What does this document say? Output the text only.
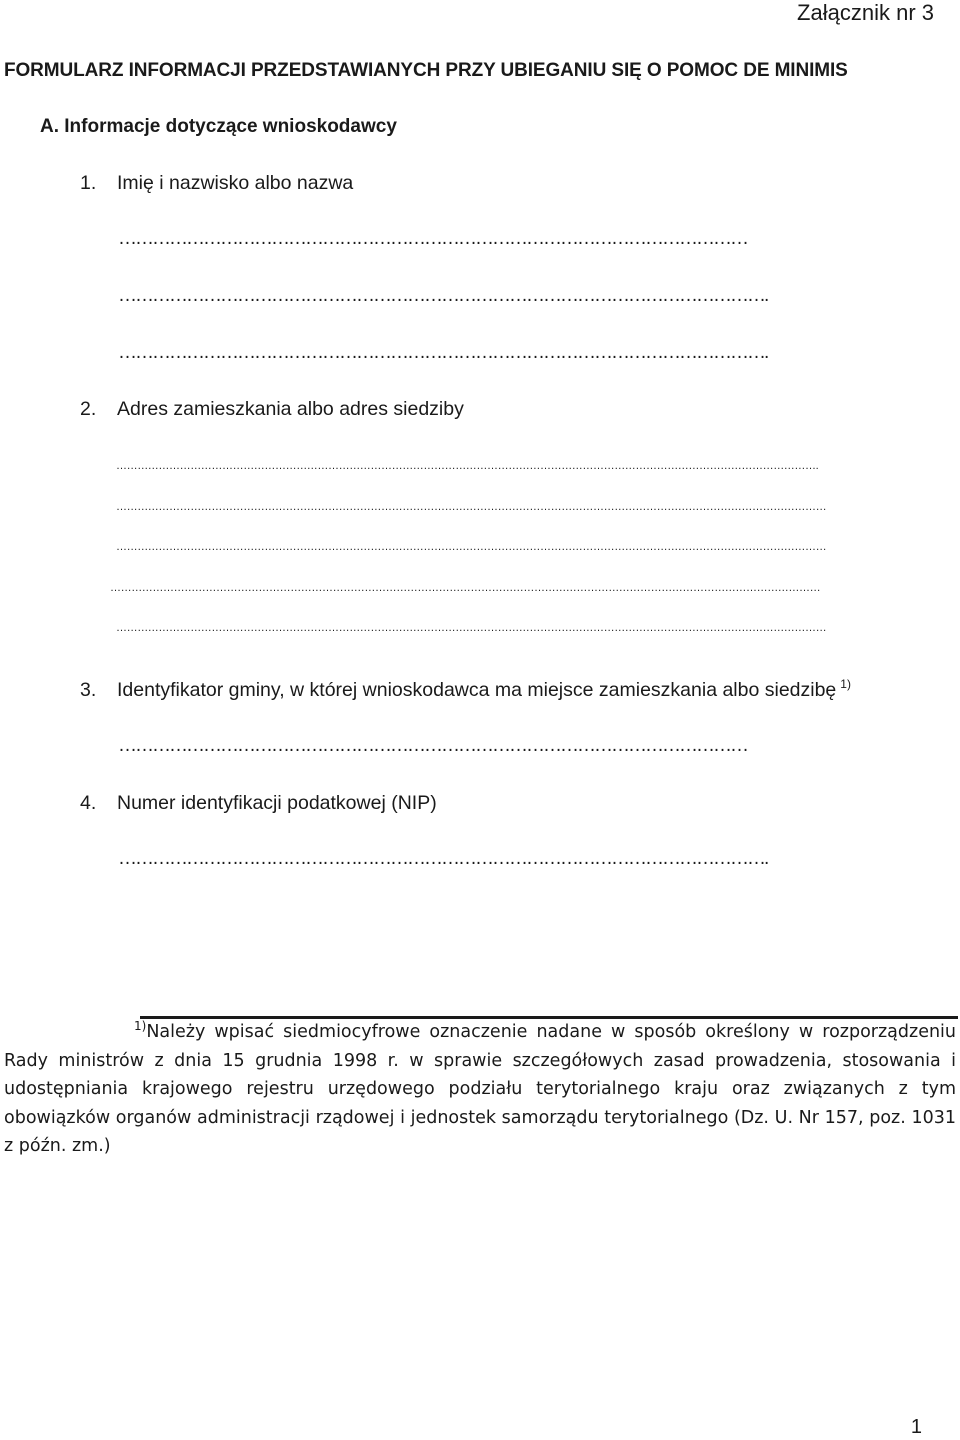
Załącznik nr 3
FORMULARZ INFORMACJI PRZEDSTAWIANYCH PRZY UBIEGANIU SIĘ O POMOC DE MINIMIS
A. Informacje dotyczące wnioskodawcy
1. Imię i nazwisko albo nazwa
…………………………………………………………………………………………………
…………………………………………………………………………………………………….
…………………………………………………………………………………………………….
2. Adres zamieszkania albo adres siedziby
……………………………………………………………………………………………………………………………………………………………………………….
…………………………………………………………………………………………………………………………………………………………………………………
…………………………………………………………………………………………………………………………………………………………………………………
…………………………………………………………………………………………………………………………………………………………………………………
…………………………………………………………………………………………………………………………………………………………………………………
3. Identyfikator gminy, w której wnioskodawca ma miejsce zamieszkania albo siedzibę $^{1)}$
…………………………………………………………………………………………………
4. Numer identyfikacji podatkowej (NIP)
…………………………………………………………………………………………………….
$^{1)}$Należy wpisać siedmiocyfrowe oznaczenie nadane w sposób określony w rozporządzeniu Rady ministrów z dnia 15 grudnia 1998 r. w sprawie szczegółowych zasad prowadzenia, stosowania i udostępniania krajowego rejestru urzędowego podziału terytorialnego kraju oraz związanych z tym obowiązków organów administracji rządowej i jednostek samorządu terytorialnego (Dz. U. Nr 157, poz. 1031 z późn. zm.)
1
